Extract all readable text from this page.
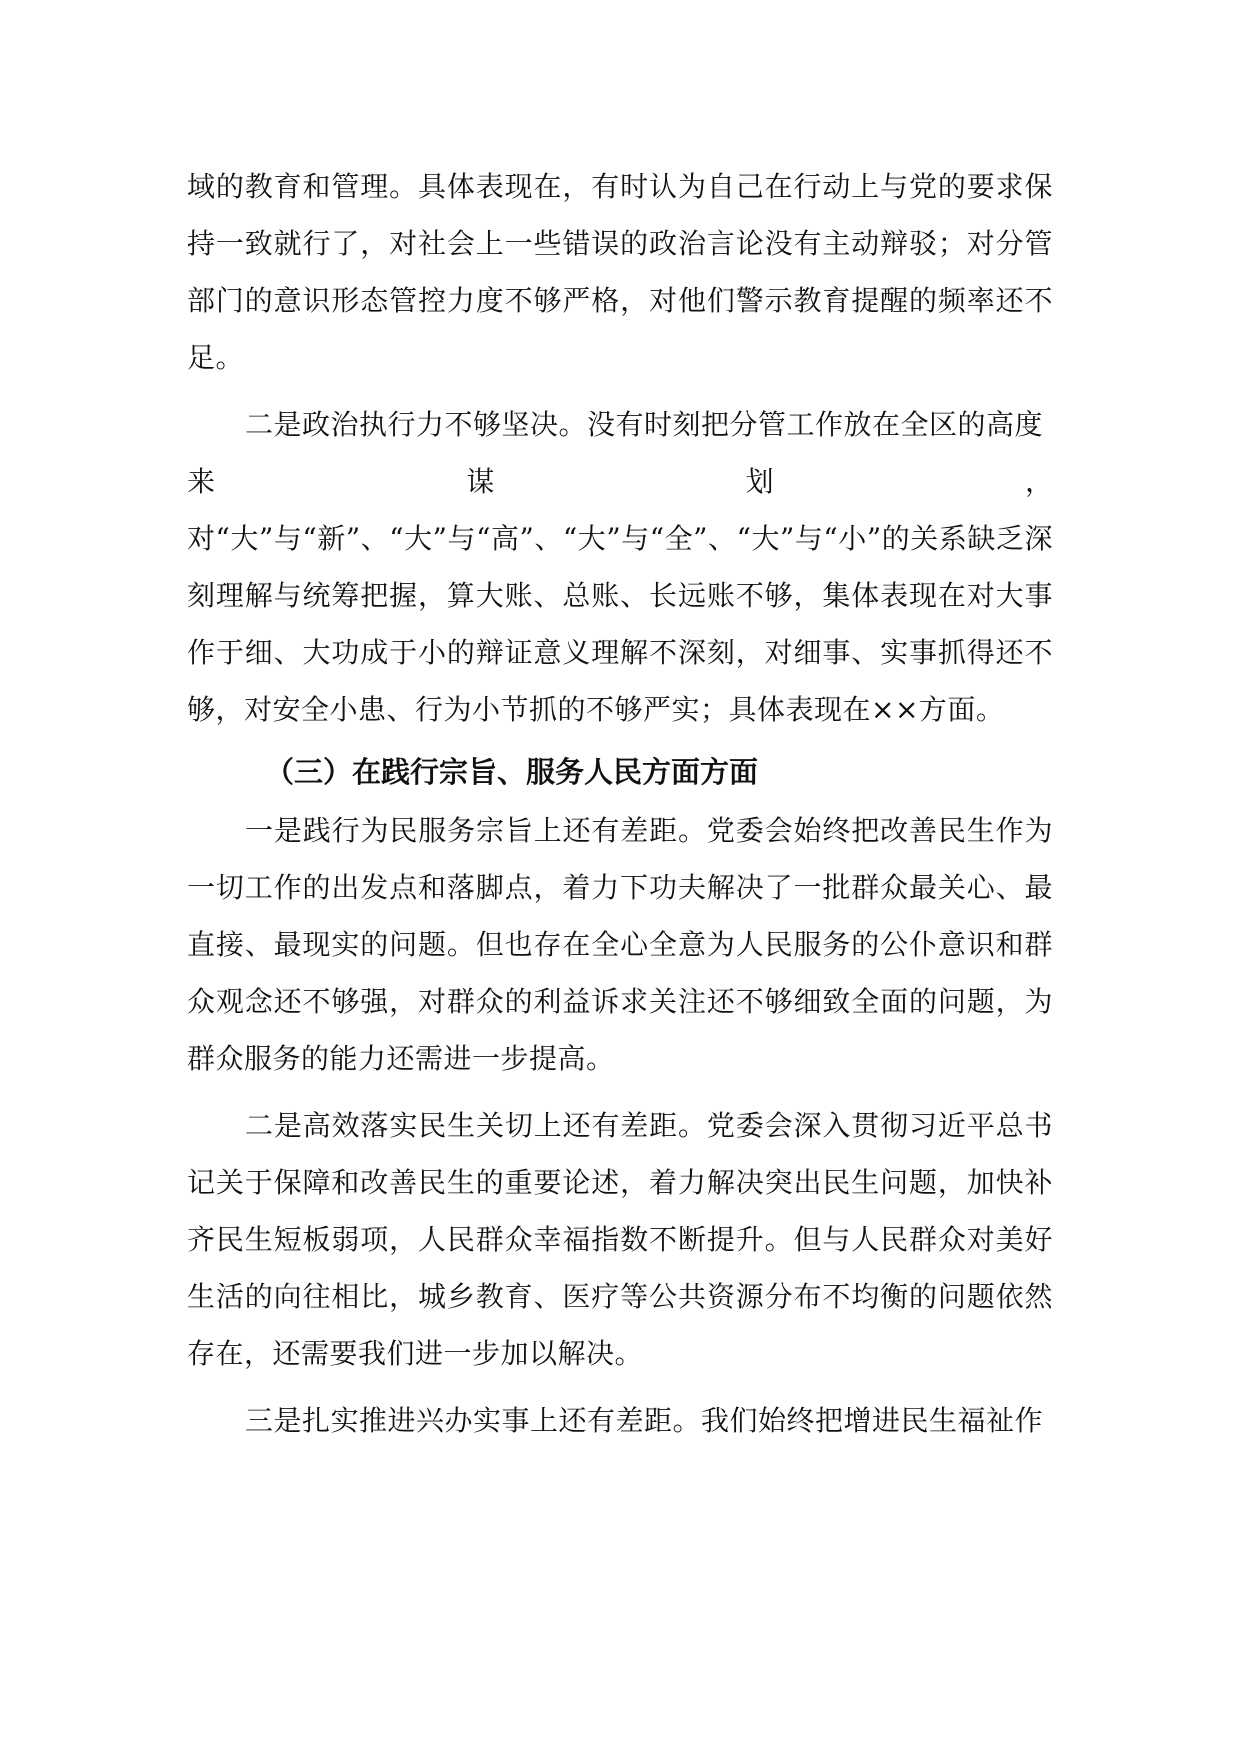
域的教育和管理。具体表现在，有时认为自己在行动上与党的要求保持一致就行了，对社会上一些错误的政治言论没有主动辩驳；对分管部门的意识形态管控力度不够严格，对他们警示教育提醒的频率还不足。

二是政治执行力不够坚决。没有时刻把分管工作放在全区的高度

来	谋	划	，

对“大”与“新”、“大”与“高”、“大”与“全”、“大”与“小”的关系缺乏深刻理解与统筹把握，算大账、总账、长远账不够，集体表现在对大事作于细、大功成于小的辩证意义理解不深刻，对细事、实事抓得还不够，对安全小患、行为小节抓的不够严实；具体表现在××方面。

（三）在践行宗旨、服务人民方面方面

一是践行为民服务宗旨上还有差距。党委会始终把改善民生作为一切工作的出发点和落脚点，着力下功夫解决了一批群众最关心、最直接、最现实的问题。但也存在全心全意为人民服务的公仆意识和群众观念还不够强，对群众的利益诉求关注还不够细致全面的问题，为群众服务的能力还需进一步提高。

二是高效落实民生关切上还有差距。党委会深入贯彻习近平总书记关于保障和改善民生的重要论述，着力解决突出民生问题，加快补齐民生短板弱项，人民群众幸福指数不断提升。但与人民群众对美好生活的向往相比，城乡教育、医疗等公共资源分布不均衡的问题依然存在，还需要我们进一步加以解决。

三是扎实推进兴办实事上还有差距。我们始终把增进民生福祉作
